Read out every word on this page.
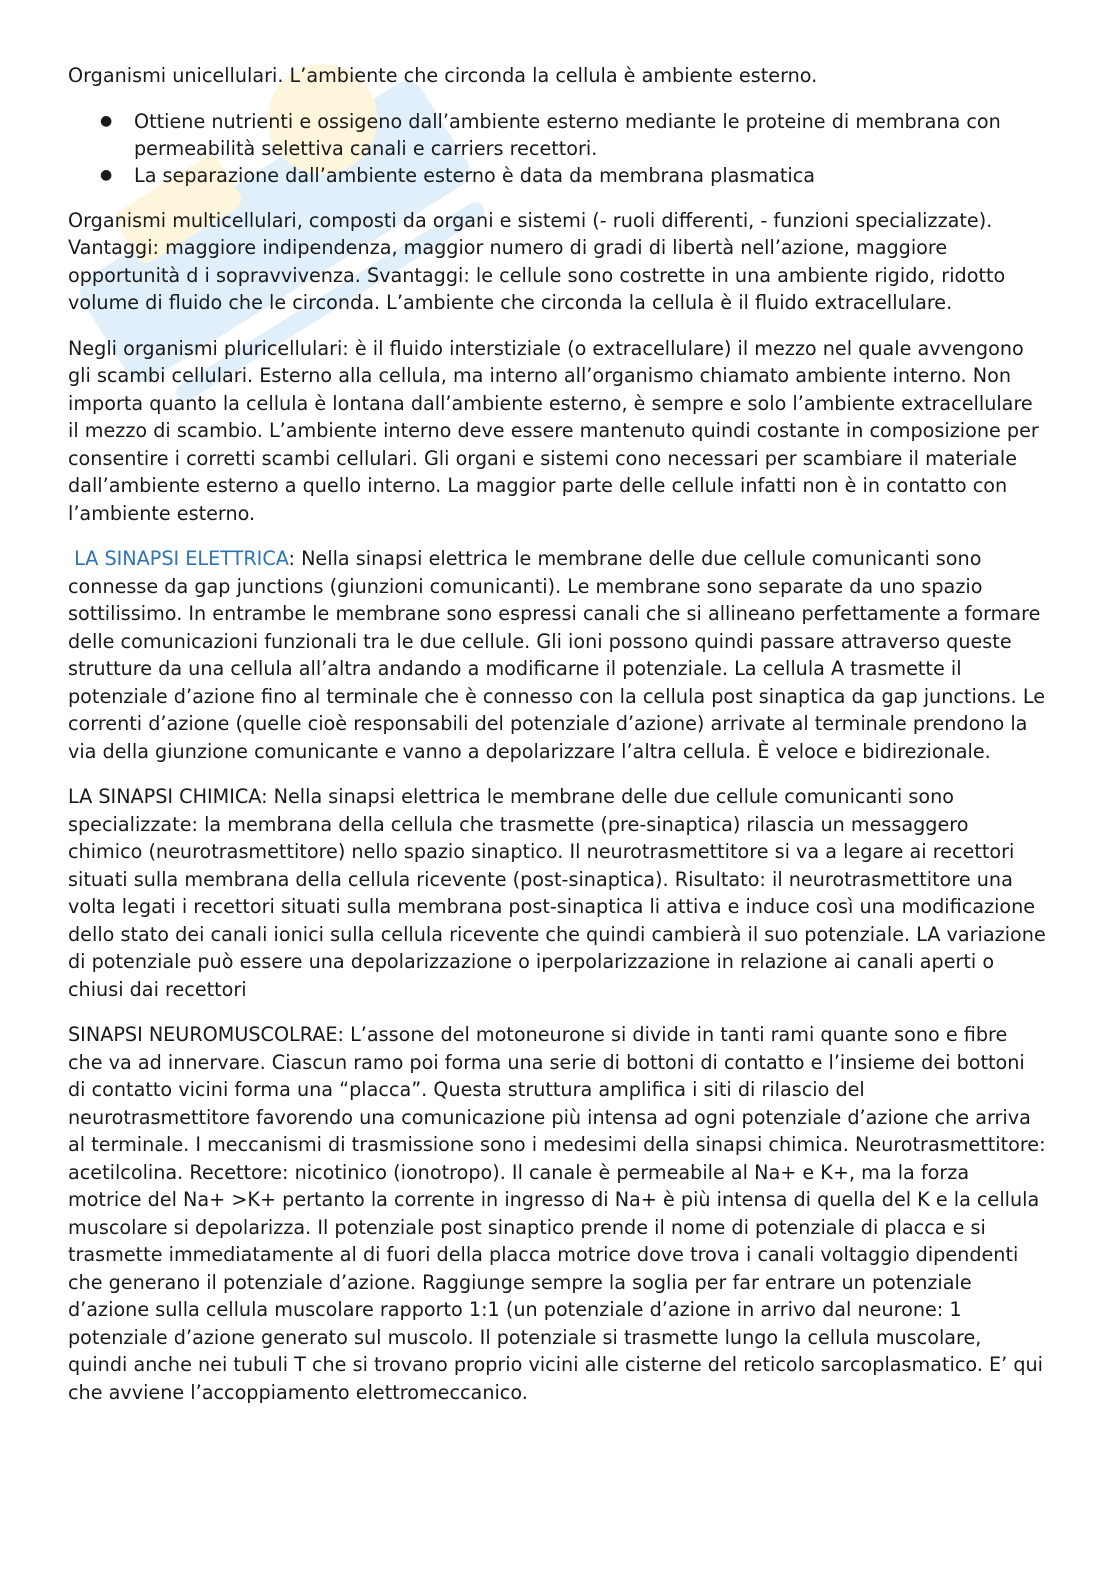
Organismi unicellulari. L’ambiente che circonda la cellula è ambiente esterno.

● Ottiene nutrienti e ossigeno dall’ambiente esterno mediante le proteine di membrana con permeabilità selettiva canali e carriers recettori.
● La separazione dall’ambiente esterno è data da membrana plasmatica

Organismi multicellulari, composti da organi e sistemi (- ruoli differenti, - funzioni specializzate). Vantaggi: maggiore indipendenza, maggior numero di gradi di libertà nell’azione, maggiore opportunità d i sopravvivenza. Svantaggi: le cellule sono costrette in una ambiente rigido, ridotto volume di fluido che le circonda. L’ambiente che circonda la cellula è il fluido extracellulare.

Negli organismi pluricellulari: è il fluido interstiziale (o extracellulare) il mezzo nel quale avvengono gli scambi cellulari. Esterno alla cellula, ma interno all’organismo chiamato ambiente interno. Non importa quanto la cellula è lontana dall’ambiente esterno, è sempre e solo l’ambiente extracellulare il mezzo di scambio. L’ambiente interno deve essere mantenuto quindi costante in composizione per consentire i corretti scambi cellulari. Gli organi e sistemi cono necessari per scambiare il materiale dall’ambiente esterno a quello interno. La maggior parte delle cellule infatti non è in contatto con l’ambiente esterno.

LA SINAPSI ELETTRICA: Nella sinapsi elettrica le membrane delle due cellule comunicanti sono connesse da gap junctions (giunzioni comunicanti). Le membrane sono separate da uno spazio sottilissimo. In entrambe le membrane sono espressi canali che si allineano perfettamente a formare delle comunicazioni funzionali tra le due cellule. Gli ioni possono quindi passare attraverso queste strutture da una cellula all’altra andando a modificarne il potenziale. La cellula A trasmette il potenziale d’azione fino al terminale che è connesso con la cellula post sinaptica da gap junctions. Le correnti d’azione (quelle cioè responsabili del potenziale d’azione) arrivate al terminale prendono la via della giunzione comunicante e vanno a depolarizzare l’altra cellula. È veloce e bidirezionale.

LA SINAPSI CHIMICA: Nella sinapsi elettrica le membrane delle due cellule comunicanti sono specializzate: la membrana della cellula che trasmette (pre-sinaptica) rilascia un messaggero chimico (neurotrasmettitore) nello spazio sinaptico. Il neurotrasmettitore si va a legare ai recettori situati sulla membrana della cellula ricevente (post-sinaptica). Risultato: il neurotrasmettitore una volta legati i recettori situati sulla membrana post-sinaptica li attiva e induce così una modificazione dello stato dei canali ionici sulla cellula ricevente che quindi cambierà il suo potenziale. LA variazione di potenziale può essere una depolarizzazione o iperpolarizzazione in relazione ai canali aperti o chiusi dai recettori

SINAPSI NEUROMUSCOLRAE: L’assone del motoneurone si divide in tanti rami quante sono e fibre che va ad innervare. Ciascun ramo poi forma una serie di bottoni di contatto e l’insieme dei bottoni di contatto vicini forma una “placca”. Questa struttura amplifica i siti di rilascio del neurotrasmettitore favorendo una comunicazione più intensa ad ogni potenziale d’azione che arriva al terminale. I meccanismi di trasmissione sono i medesimi della sinapsi chimica. Neurotrasmettitore: acetilcolina. Recettore: nicotinico (ionotropo). Il canale è permeabile al Na+ e K+, ma la forza motrice del Na+ >K+ pertanto la corrente in ingresso di Na+ è più intensa di quella del K e la cellula muscolare si depolarizza. Il potenziale post sinaptico prende il nome di potenziale di placca e si trasmette immediatamente al di fuori della placca motrice dove trova i canali voltaggio dipendenti che generano il potenziale d’azione. Raggiunge sempre la soglia per far entrare un potenziale d’azione sulla cellula muscolare rapporto 1:1 (un potenziale d’azione in arrivo dal neurone: 1 potenziale d’azione generato sul muscolo. Il potenziale si trasmette lungo la cellula muscolare, quindi anche nei tubuli T che si trovano proprio vicini alle cisterne del reticolo sarcoplasmatico. E’ qui che avviene l’accoppiamento elettromeccanico.
